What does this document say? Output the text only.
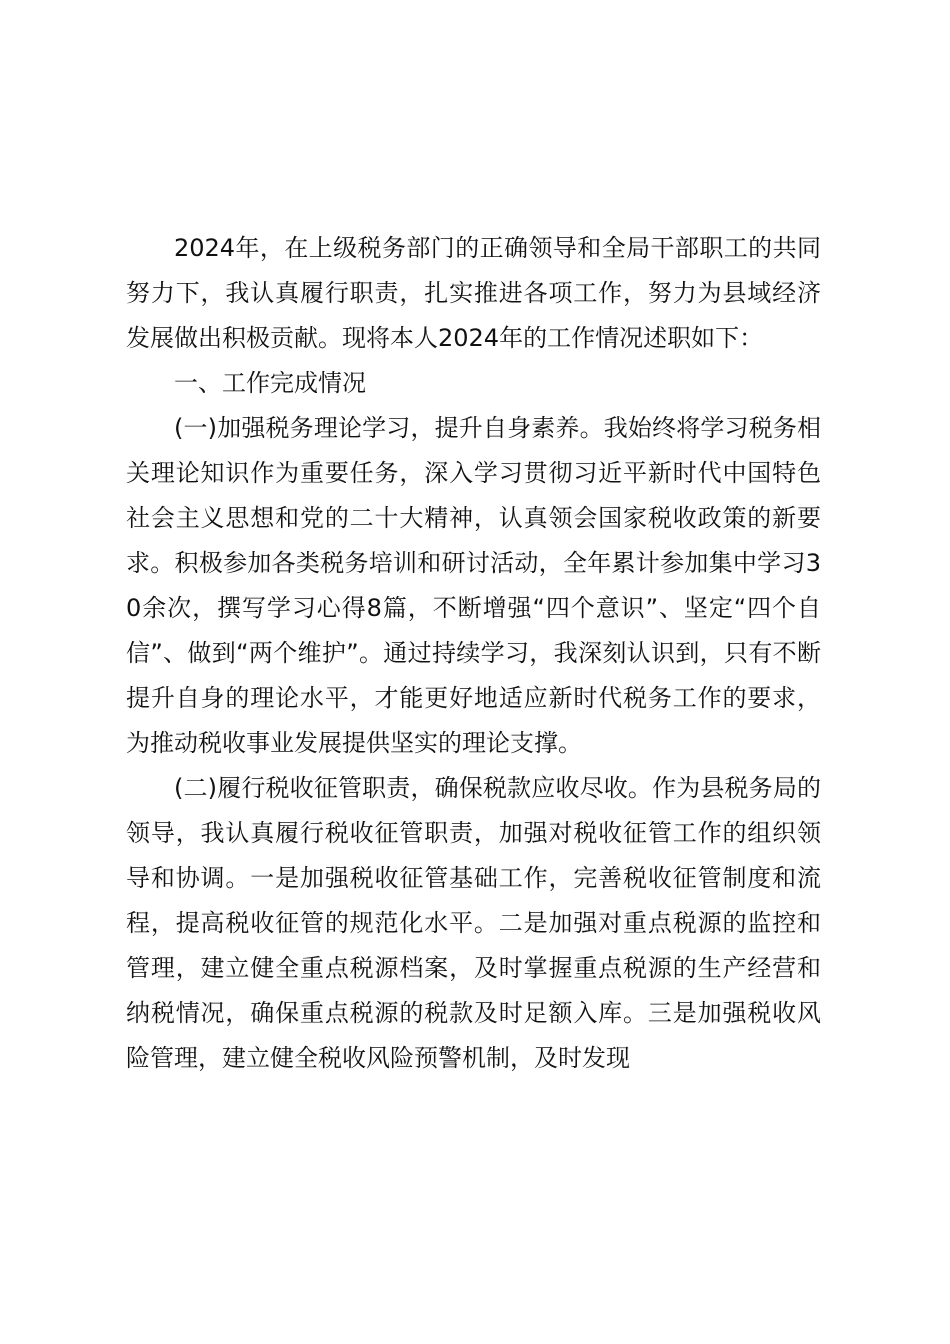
2024年，在上级税务部门的正确领导和全局干部职工的共同努力下，我认真履行职责，扎实推进各项工作，努力为县域经济发展做出积极贡献。现将本人2024年的工作情况述职如下：

一、工作完成情况

(一)加强税务理论学习，提升自身素养。我始终将学习税务相关理论知识作为重要任务，深入学习贯彻习近平新时代中国特色社会主义思想和党的二十大精神，认真领会国家税收政策的新要求。积极参加各类税务培训和研讨活动，全年累计参加集中学习30余次，撰写学习心得8篇，不断增强“四个意识”、坚定“四个自信”、做到“两个维护”。通过持续学习，我深刻认识到，只有不断提升自身的理论水平，才能更好地适应新时代税务工作的要求，为推动税收事业发展提供坚实的理论支撑。

(二)履行税收征管职责，确保税款应收尽收。作为县税务局的领导，我认真履行税收征管职责，加强对税收征管工作的组织领导和协调。一是加强税收征管基础工作，完善税收征管制度和流程，提高税收征管的规范化水平。二是加强对重点税源的监控和管理，建立健全重点税源档案，及时掌握重点税源的生产经营和纳税情况，确保重点税源的税款及时足额入库。三是加强税收风险管理，建立健全税收风险预警机制，及时发现
